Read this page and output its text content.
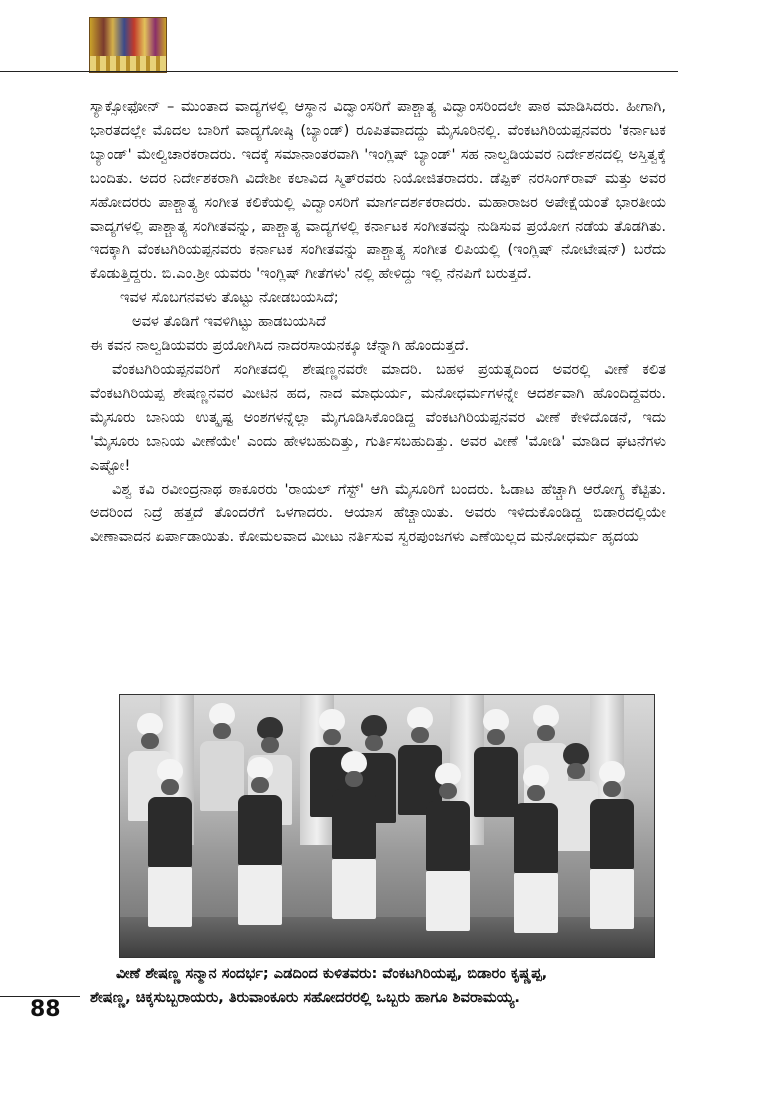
ಸ್ಯಾಕ್ಸೋಫೋನ್ – ಮುಂತಾದ ವಾದ್ಯಗಳಲ್ಲಿ ಆಸ್ಥಾನ ವಿದ್ವಾಂಸರಿಗೆ ಪಾಶ್ಚಾತ್ಯ ವಿದ್ವಾಂಸರಿಂದಲೇ ಪಾಠ ಮಾಡಿಸಿದರು. ಹೀಗಾಗಿ, ಭಾರತದಲ್ಲೇ ಮೊದಲ ಬಾರಿಗೆ ವಾದ್ಯಗೋಷ್ಠಿ (ಬ್ಯಾಂಡ್) ರೂಪಿತವಾದದ್ದು ಮೈಸೂರಿನಲ್ಲಿ. ವೆಂಕಟಗಿರಿಯಪ್ಪನವರು 'ಕರ್ನಾಟಕ ಬ್ಯಾಂಡ್' ಮೇಲ್ವಿಚಾರಕರಾದರು. ಇದಕ್ಕೆ ಸಮಾನಾಂತರವಾಗಿ 'ಇಂಗ್ಲಿಷ್ ಬ್ಯಾಂಡ್' ಸಹ ನಾಲ್ವಡಿಯವರ ನಿರ್ದೇಶನದಲ್ಲಿ ಅಸ್ತಿತ್ವಕ್ಕೆ ಬಂದಿತು. ಅದರ ನಿರ್ದೇಶಕರಾಗಿ ವಿದೇಶೀ ಕಲಾವಿದ ಸ್ಮಿತ್‌ರವರು ನಿಯೋಜಿತರಾದರು. ಡೆಪ್ಪಿಕ್ ನರಸಿಂಗ್‌ರಾವ್ ಮತ್ತು ಅವರ ಸಹೋದರರು ಪಾಶ್ಚಾತ್ಯ ಸಂಗೀತ ಕಲಿಕೆಯಲ್ಲಿ ವಿದ್ವಾಂಸರಿಗೆ ಮಾರ್ಗದರ್ಶಕರಾದರು. ಮಹಾರಾಜರ ಅಪೇಕ್ಷೆಯಂತೆ ಭಾರತೀಯ ವಾದ್ಯಗಳಲ್ಲಿ ಪಾಶ್ಚಾತ್ಯ ಸಂಗೀತವನ್ನು, ಪಾಶ್ಚಾತ್ಯ ವಾದ್ಯಗಳಲ್ಲಿ ಕರ್ನಾಟಕ ಸಂಗೀತವನ್ನು ನುಡಿಸುವ ಪ್ರಯೋಗ ನಡೆಯ ತೊಡಗಿತು. ಇದಕ್ಕಾಗಿ ವೆಂಕಟಗಿರಿಯಪ್ಪನವರು ಕರ್ನಾಟಕ ಸಂಗೀತವನ್ನು ಪಾಶ್ಚಾತ್ಯ ಸಂಗೀತ ಲಿಪಿಯಲ್ಲಿ (ಇಂಗ್ಲಿಷ್ ನೋಟೇಷನ್) ಬರೆದು ಕೊಡುತ್ತಿದ್ದರು. ಬಿ.ಎಂ.ಶ್ರೀ ಯವರು 'ಇಂಗ್ಲಿಷ್ ಗೀತೆಗಳು' ನಲ್ಲಿ ಹೇಳಿದ್ದು ಇಲ್ಲಿ ನೆನಪಿಗೆ ಬರುತ್ತದೆ.

ಇವಳ ಸೊಬಗನವಳು ತೊಟ್ಟು ನೋಡಬಯಸಿದೆ;

ಅವಳ ತೊಡಿಗೆ ಇವಳಿಗಿಟ್ಟು ಹಾಡಬಯಸಿದೆ

ಈ ಕವನ ನಾಲ್ವಡಿಯವರು ಪ್ರಯೋಗಿಸಿದ ನಾದರಸಾಯನಕ್ಕೂ ಚೆನ್ನಾಗಿ ಹೊಂದುತ್ತದೆ.

ವೆಂಕಟಗಿರಿಯಪ್ಪನವರಿಗೆ ಸಂಗೀತದಲ್ಲಿ ಶೇಷಣ್ಣನವರೇ ಮಾದರಿ. ಬಹಳ ಪ್ರಯತ್ನದಿಂದ ಅವರಲ್ಲಿ ವೀಣೆ ಕಲಿತ ವೆಂಕಟಗಿರಿಯಪ್ಪ ಶೇಷಣ್ಣನವರ ಮೀಟಿನ ಹದ, ನಾದ ಮಾಧುರ್ಯ, ಮನೋಧರ್ಮಗಳನ್ನೇ ಆದರ್ಶವಾಗಿ ಹೊಂದಿದ್ದವರು. ಮೈಸೂರು ಬಾನಿಯ ಉತ್ಕೃಷ್ಟ ಅಂಶಗಳನ್ನೆಲ್ಲಾ ಮೈಗೂಡಿಸಿಕೊಂಡಿದ್ದ ವೆಂಕಟಗಿರಿಯಪ್ಪನವರ ವೀಣೆ ಕೇಳಿದೊಡನೆ, ಇದು 'ಮೈಸೂರು ಬಾನಿಯ ವೀಣೆಯೇ' ಎಂದು ಹೇಳಬಹುದಿತ್ತು, ಗುರ್ತಿಸಬಹುದಿತ್ತು. ಅವರ ವೀಣೆ 'ಮೋಡಿ' ಮಾಡಿದ ಘಟನೆಗಳು ಎಷ್ಟೋ!

ವಿಶ್ವ ಕವಿ ರವೀಂದ್ರನಾಥ ಠಾಕೂರರು 'ರಾಯಲ್ ಗೆಸ್ಟ್' ಆಗಿ ಮೈಸೂರಿಗೆ ಬಂದರು. ಓಡಾಟ ಹೆಚ್ಚಾಗಿ ಆರೋಗ್ಯ ಕೆಟ್ಟಿತು. ಅದರಿಂದ ನಿದ್ರೆ ಹತ್ತದೆ ತೊಂದರೆಗೆ ಒಳಗಾದರು. ಆಯಾಸ ಹೆಚ್ಚಾಯಿತು. ಅವರು ಇಳಿದುಕೊಂಡಿದ್ದ ಬಿಡಾರದಲ್ಲಿಯೇ ವೀಣಾವಾದನ ಏರ್ಪಾಡಾಯಿತು. ಕೋಮಲವಾದ ಮೀಟು ನರ್ತಿಸುವ ಸ್ವರಪುಂಜಗಳು ಎಣೆಯಿಲ್ಲದ ಮನೋಧರ್ಮ ಹೃದಯ

ವೀಣೆ ಶೇಷಣ್ಣ ಸನ್ಮಾನ ಸಂದರ್ಭ; ಎಡದಿಂದ ಕುಳಿತವರು: ವೆಂಕಟಗಿರಿಯಪ್ಪ, ಬಿಡಾರಂ ಕೃಷ್ಣಪ್ಪ,

ಶೇಷಣ್ಣ, ಚಿಕ್ಕಸುಬ್ಬರಾಯರು, ತಿರುವಾಂಕೂರು ಸಹೋದರರಲ್ಲಿ ಒಬ್ಬರು ಹಾಗೂ ಶಿವರಾಮಯ್ಯ.

88
